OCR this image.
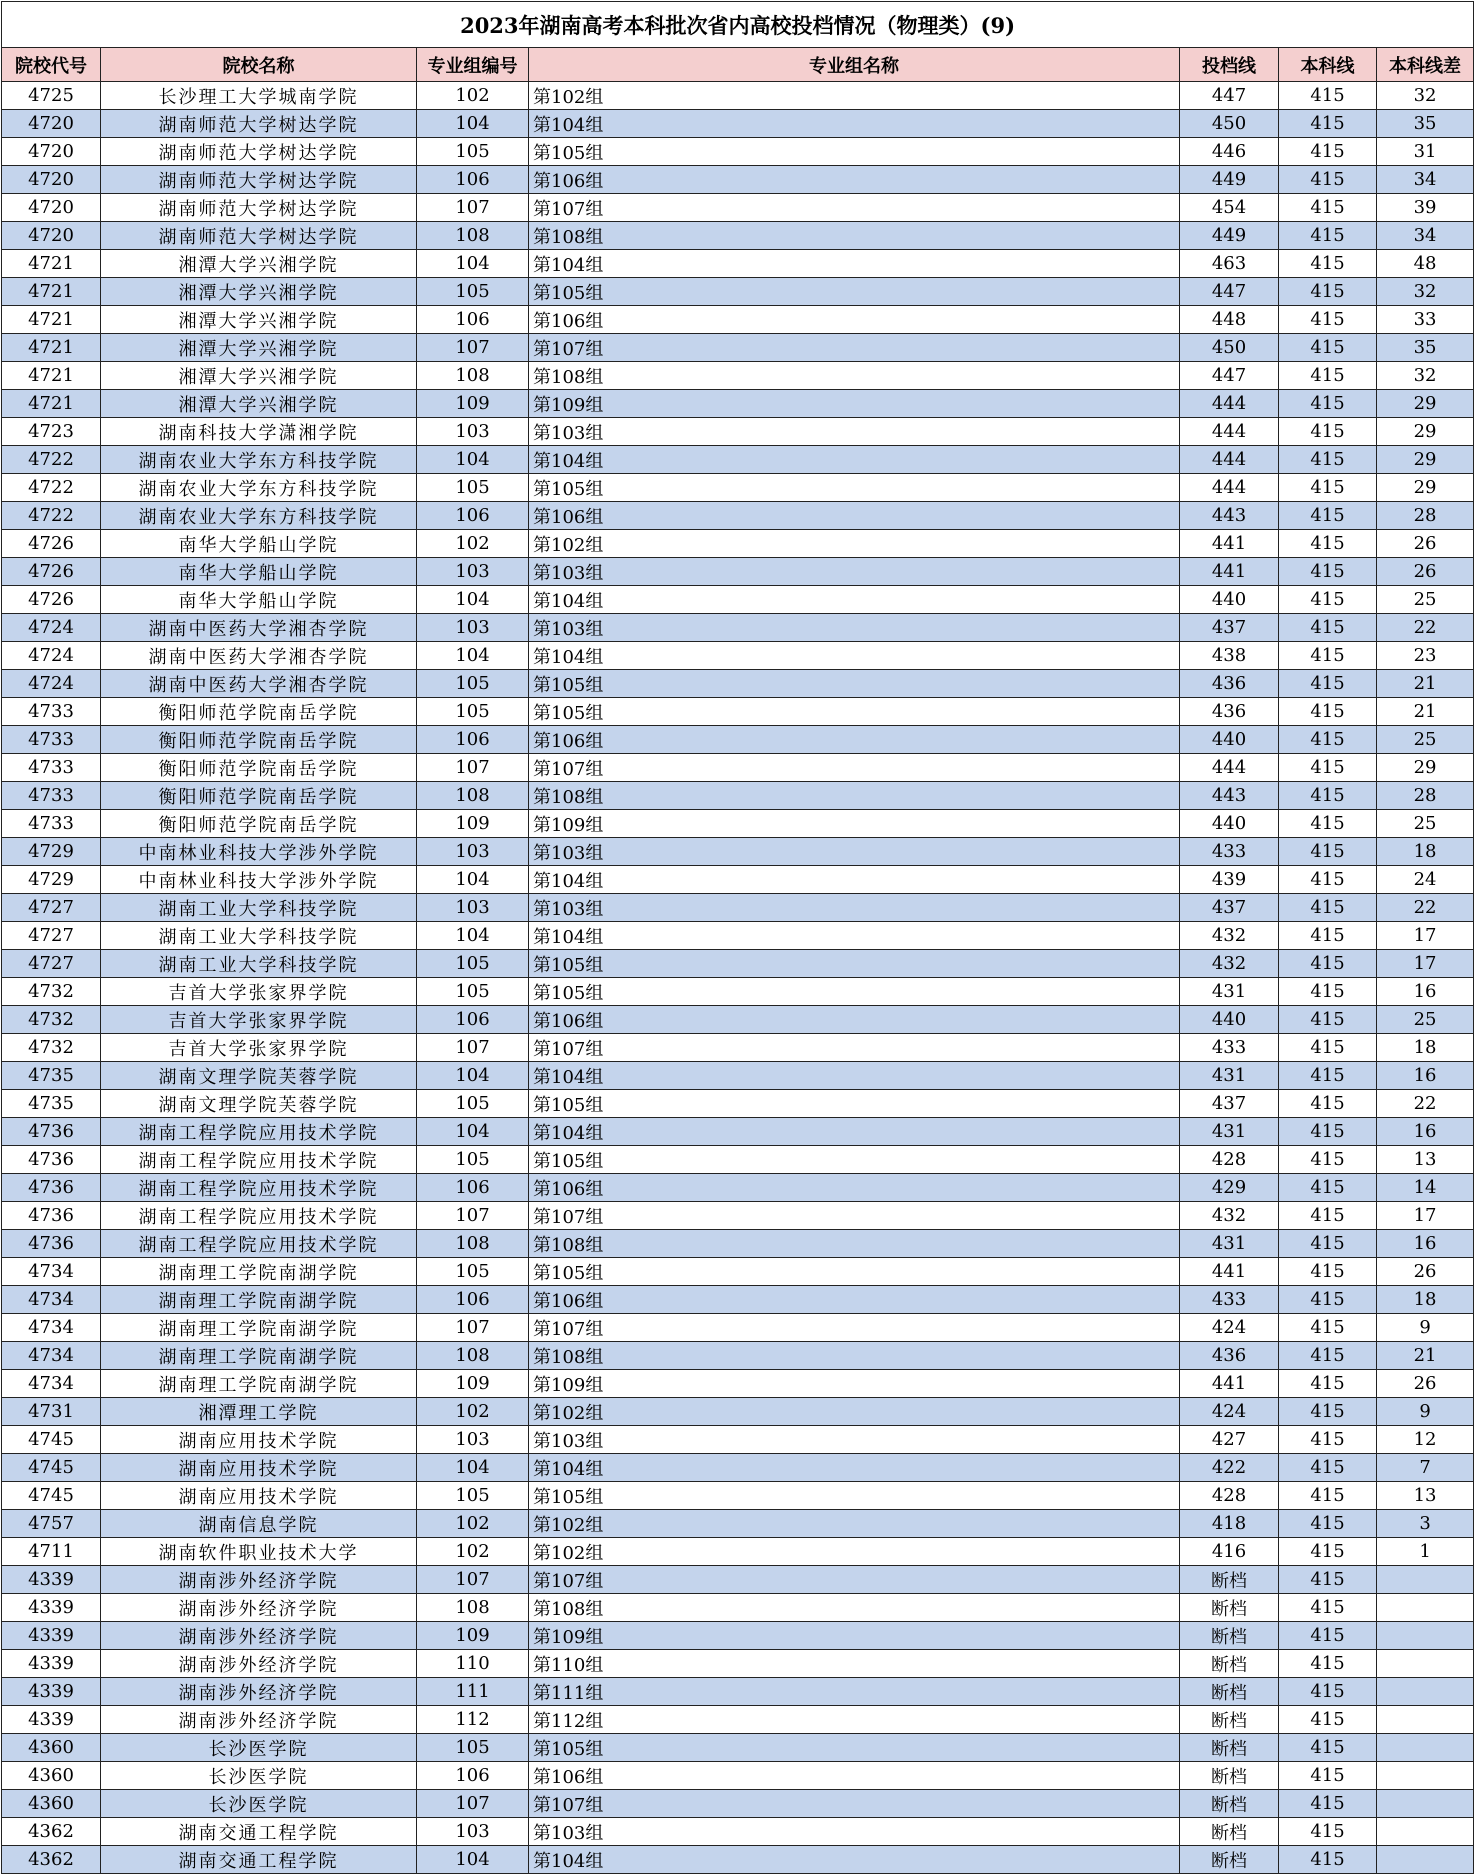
2023年湖南高考本科批次省内高校投档情况（物理类）(9)						
院校代号	院校名称	专业组编号	专业组名称	投档线	本科线	本科线差
4725	长沙理工大学城南学院	102	第102组	447	415	32
4720	湖南师范大学树达学院	104	第104组	450	415	35
4720	湖南师范大学树达学院	105	第105组	446	415	31
4720	湖南师范大学树达学院	106	第106组	449	415	34
4720	湖南师范大学树达学院	107	第107组	454	415	39
4720	湖南师范大学树达学院	108	第108组	449	415	34
4721	湘潭大学兴湘学院	104	第104组	463	415	48
4721	湘潭大学兴湘学院	105	第105组	447	415	32
4721	湘潭大学兴湘学院	106	第106组	448	415	33
4721	湘潭大学兴湘学院	107	第107组	450	415	35
4721	湘潭大学兴湘学院	108	第108组	447	415	32
4721	湘潭大学兴湘学院	109	第109组	444	415	29
4723	湖南科技大学潇湘学院	103	第103组	444	415	29
4722	湖南农业大学东方科技学院	104	第104组	444	415	29
4722	湖南农业大学东方科技学院	105	第105组	444	415	29
4722	湖南农业大学东方科技学院	106	第106组	443	415	28
4726	南华大学船山学院	102	第102组	441	415	26
4726	南华大学船山学院	103	第103组	441	415	26
4726	南华大学船山学院	104	第104组	440	415	25
4724	湖南中医药大学湘杏学院	103	第103组	437	415	22
4724	湖南中医药大学湘杏学院	104	第104组	438	415	23
4724	湖南中医药大学湘杏学院	105	第105组	436	415	21
4733	衡阳师范学院南岳学院	105	第105组	436	415	21
4733	衡阳师范学院南岳学院	106	第106组	440	415	25
4733	衡阳师范学院南岳学院	107	第107组	444	415	29
4733	衡阳师范学院南岳学院	108	第108组	443	415	28
4733	衡阳师范学院南岳学院	109	第109组	440	415	25
4729	中南林业科技大学涉外学院	103	第103组	433	415	18
4729	中南林业科技大学涉外学院	104	第104组	439	415	24
4727	湖南工业大学科技学院	103	第103组	437	415	22
4727	湖南工业大学科技学院	104	第104组	432	415	17
4727	湖南工业大学科技学院	105	第105组	432	415	17
4732	吉首大学张家界学院	105	第105组	431	415	16
4732	吉首大学张家界学院	106	第106组	440	415	25
4732	吉首大学张家界学院	107	第107组	433	415	18
4735	湖南文理学院芙蓉学院	104	第104组	431	415	16
4735	湖南文理学院芙蓉学院	105	第105组	437	415	22
4736	湖南工程学院应用技术学院	104	第104组	431	415	16
4736	湖南工程学院应用技术学院	105	第105组	428	415	13
4736	湖南工程学院应用技术学院	106	第106组	429	415	14
4736	湖南工程学院应用技术学院	107	第107组	432	415	17
4736	湖南工程学院应用技术学院	108	第108组	431	415	16
4734	湖南理工学院南湖学院	105	第105组	441	415	26
4734	湖南理工学院南湖学院	106	第106组	433	415	18
4734	湖南理工学院南湖学院	107	第107组	424	415	9
4734	湖南理工学院南湖学院	108	第108组	436	415	21
4734	湖南理工学院南湖学院	109	第109组	441	415	26
4731	湘潭理工学院	102	第102组	424	415	9
4745	湖南应用技术学院	103	第103组	427	415	12
4745	湖南应用技术学院	104	第104组	422	415	7
4745	湖南应用技术学院	105	第105组	428	415	13
4757	湖南信息学院	102	第102组	418	415	3
4711	湖南软件职业技术大学	102	第102组	416	415	1
4339	湖南涉外经济学院	107	第107组	断档	415	
4339	湖南涉外经济学院	108	第108组	断档	415	
4339	湖南涉外经济学院	109	第109组	断档	415	
4339	湖南涉外经济学院	110	第110组	断档	415	
4339	湖南涉外经济学院	111	第111组	断档	415	
4339	湖南涉外经济学院	112	第112组	断档	415	
4360	长沙医学院	105	第105组	断档	415	
4360	长沙医学院	106	第106组	断档	415	
4360	长沙医学院	107	第107组	断档	415	
4362	湖南交通工程学院	103	第103组	断档	415	
4362	湖南交通工程学院	104	第104组	断档	415	
